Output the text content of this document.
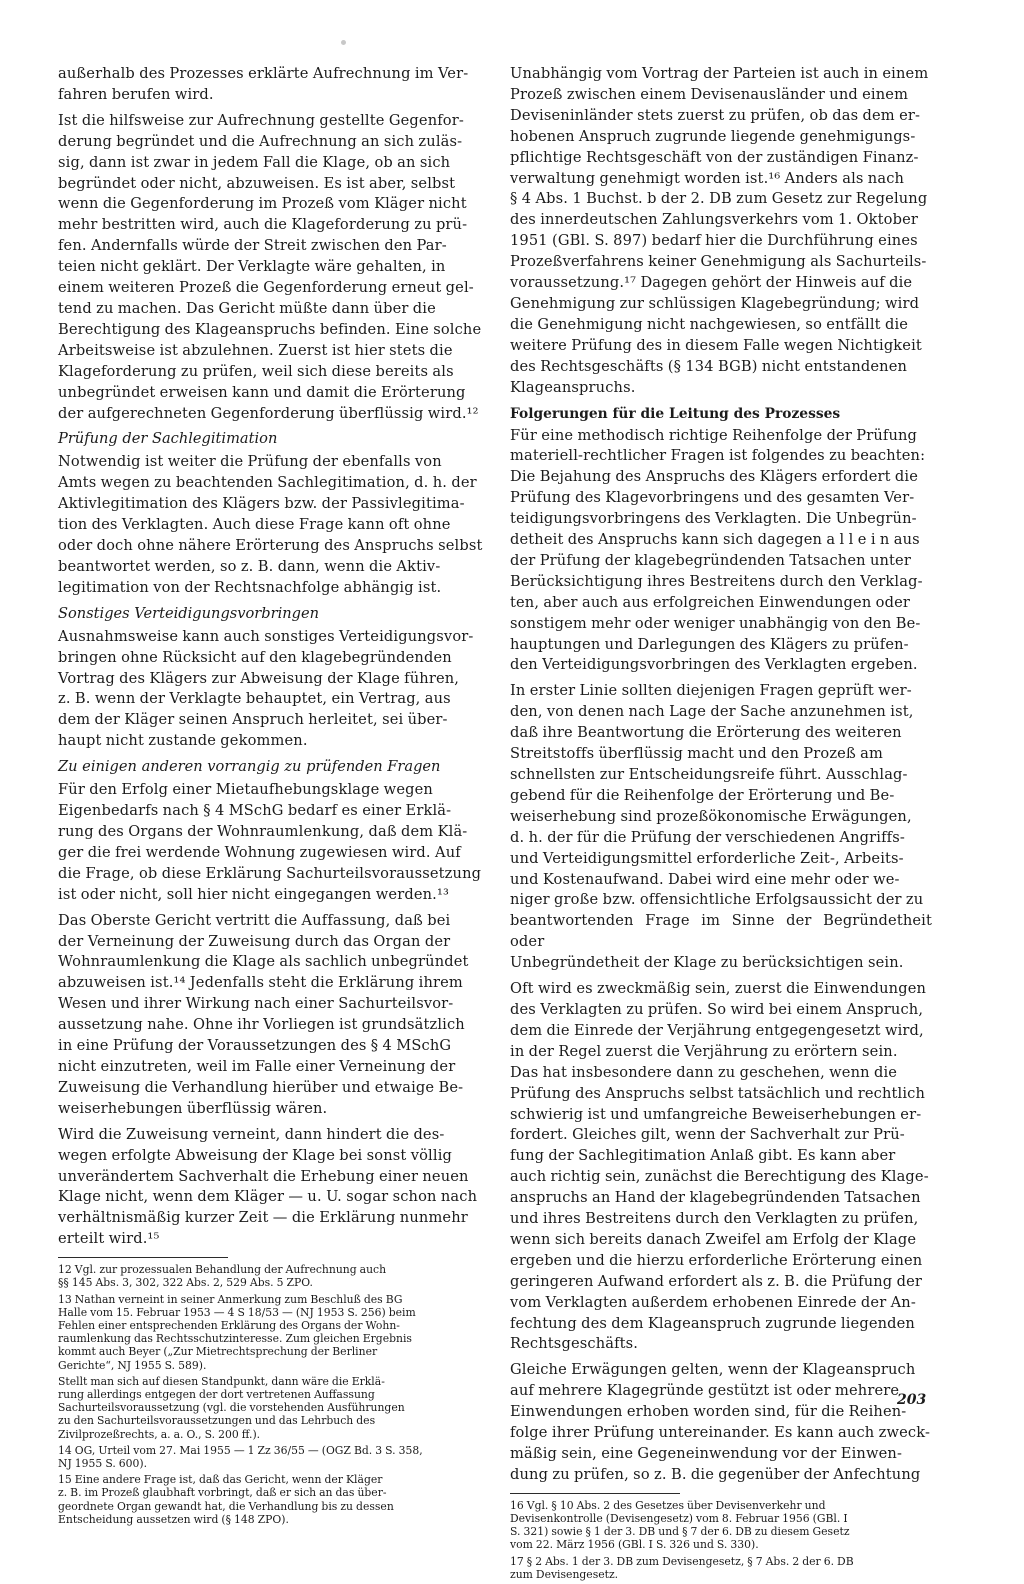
außerhalb des Prozesses erklärte Aufrechnung im Ver-
fahren berufen wird.

Ist die hilfsweise zur Aufrechnung gestellte Gegenfor-
derung begründet und die Aufrechnung an sich zuläs-
sig, dann ist zwar in jedem Fall die Klage, ob an sich
begründet oder nicht, abzuweisen. Es ist aber, selbst
wenn die Gegenforderung im Prozeß vom Kläger nicht
mehr bestritten wird, auch die Klageforderung zu prü-
fen. Andernfalls würde der Streit zwischen den Par-
teien nicht geklärt. Der Verklagte wäre gehalten, in
einem weiteren Prozeß die Gegenforderung erneut gel-
tend zu machen. Das Gericht müßte dann über die
Berechtigung des Klageanspruchs befinden. Eine solche
Arbeitsweise ist abzulehnen. Zuerst ist hier stets die
Klageforderung zu prüfen, weil sich diese bereits als
unbegründet erweisen kann und damit die Erörterung
der aufgerechneten Gegenforderung überflüssig wird.¹²

Prüfung der Sachlegitimation

Notwendig ist weiter die Prüfung der ebenfalls von
Amts wegen zu beachtenden Sachlegitimation, d. h. der
Aktivlegitimation des Klägers bzw. der Passivlegitima-
tion des Verklagten. Auch diese Frage kann oft ohne
oder doch ohne nähere Erörterung des Anspruchs selbst
beantwortet werden, so z. B. dann, wenn die Aktiv-
legitimation von der Rechtsnachfolge abhängig ist.

Sonstiges Verteidigungsvorbringen

Ausnahmsweise kann auch sonstiges Verteidigungsvor-
bringen ohne Rücksicht auf den klagebegründenden
Vortrag des Klägers zur Abweisung der Klage führen,
z. B. wenn der Verklagte behauptet, ein Vertrag, aus
dem der Kläger seinen Anspruch herleitet, sei über-
haupt nicht zustande gekommen.

Zu einigen anderen vorrangig zu prüfenden Fragen

Für den Erfolg einer Mietaufhebungsklage wegen
Eigenbedarfs nach § 4 MSchG bedarf es einer Erklä-
rung des Organs der Wohnraumlenkung, daß dem Klä-
ger die frei werdende Wohnung zugewiesen wird. Auf
die Frage, ob diese Erklärung Sachurteilsvoraussetzung
ist oder nicht, soll hier nicht eingegangen werden.¹³

Das Oberste Gericht vertritt die Auffassung, daß bei
der Verneinung der Zuweisung durch das Organ der
Wohnraumlenkung die Klage als sachlich unbegründet
abzuweisen ist.¹⁴ Jedenfalls steht die Erklärung ihrem
Wesen und ihrer Wirkung nach einer Sachurteilsvor-
aussetzung nahe. Ohne ihr Vorliegen ist grundsätzlich
in eine Prüfung der Voraussetzungen des § 4 MSchG
nicht einzutreten, weil im Falle einer Verneinung der
Zuweisung die Verhandlung hierüber und etwaige Be-
weiserhebungen überflüssig wären.

Wird die Zuweisung verneint, dann hindert die des-
wegen erfolgte Abweisung der Klage bei sonst völlig
unverändertem Sachverhalt die Erhebung einer neuen
Klage nicht, wenn dem Kläger — u. U. sogar schon nach
verhältnismäßig kurzer Zeit — die Erklärung nunmehr
erteilt wird.¹⁵

12 Vgl. zur prozessualen Behandlung der Aufrechnung auch
§§ 145 Abs. 3, 302, 322 Abs. 2, 529 Abs. 5 ZPO.

13 Nathan verneint in seiner Anmerkung zum Beschluß des BG
Halle vom 15. Februar 1953 — 4 S 18/53 — (NJ 1953 S. 256) beim
Fehlen einer entsprechenden Erklärung des Organs der Wohn-
raumlenkung das Rechtsschutzinteresse. Zum gleichen Ergebnis
kommt auch Beyer („Zur Mietrechtsprechung der Berliner
Gerichte“, NJ 1955 S. 589).

Stellt man sich auf diesen Standpunkt, dann wäre die Erklä-
rung allerdings entgegen der dort vertretenen Auffassung
Sachurteilsvoraussetzung (vgl. die vorstehenden Ausführungen
zu den Sachurteilsvoraussetzungen und das Lehrbuch des
Zivilprozeßrechts, a. a. O., S. 200 ff.).

14 OG, Urteil vom 27. Mai 1955 — 1 Zz 36/55 — (OGZ Bd. 3 S. 358,
NJ 1955 S. 600).

15 Eine andere Frage ist, daß das Gericht, wenn der Kläger
z. B. im Prozeß glaubhaft vorbringt, daß er sich an das über-
geordnete Organ gewandt hat, die Verhandlung bis zu dessen
Entscheidung aussetzen wird (§ 148 ZPO).

Unabhängig vom Vortrag der Parteien ist auch in einem
Prozeß zwischen einem Devisenausländer und einem
Deviseninländer stets zuerst zu prüfen, ob das dem er-
hobenen Anspruch zugrunde liegende genehmigungs-
pflichtige Rechtsgeschäft von der zuständigen Finanz-
verwaltung genehmigt worden ist.¹⁶ Anders als nach
§ 4 Abs. 1 Buchst. b der 2. DB zum Gesetz zur Regelung
des innerdeutschen Zahlungsverkehrs vom 1. Oktober
1951 (GBl. S. 897) bedarf hier die Durchführung eines
Prozeßverfahrens keiner Genehmigung als Sachurteils-
voraussetzung.¹⁷ Dagegen gehört der Hinweis auf die
Genehmigung zur schlüssigen Klagebegründung; wird
die Genehmigung nicht nachgewiesen, so entfällt die
weitere Prüfung des in diesem Falle wegen Nichtigkeit
des Rechtsgeschäfts (§ 134 BGB) nicht entstandenen
Klageanspruchs.

Folgerungen für die Leitung des Prozesses

Für eine methodisch richtige Reihenfolge der Prüfung
materiell-rechtlicher Fragen ist folgendes zu beachten:
Die Bejahung des Anspruchs des Klägers erfordert die
Prüfung des Klagevorbringens und des gesamten Ver-
teidigungsvorbringens des Verklagten. Die Unbegrün-
detheit des Anspruchs kann sich dagegen a l l e i n aus
der Prüfung der klagebegründenden Tatsachen unter
Berücksichtigung ihres Bestreitens durch den Verklag-
ten, aber auch aus erfolgreichen Einwendungen oder
sonstigem mehr oder weniger unabhängig von den Be-
hauptungen und Darlegungen des Klägers zu prüfen-
den Verteidigungsvorbringen des Verklagten ergeben.

In erster Linie sollten diejenigen Fragen geprüft wer-
den, von denen nach Lage der Sache anzunehmen ist,
daß ihre Beantwortung die Erörterung des weiteren
Streitstoffs überflüssig macht und den Prozeß am
schnellsten zur Entscheidungsreife führt. Ausschlag-
gebend für die Reihenfolge der Erörterung und Be-
weiserhebung sind prozeßökonomische Erwägungen,
d. h. der für die Prüfung der verschiedenen Angriffs-
und Verteidigungsmittel erforderliche Zeit-, Arbeits-
und Kostenaufwand. Dabei wird eine mehr oder we-
niger große bzw. offensichtliche Erfolgsaussicht der zu
beantwortenden Frage im Sinne der Begründetheit oder
Unbegründetheit der Klage zu berücksichtigen sein.

Oft wird es zweckmäßig sein, zuerst die Einwendungen
des Verklagten zu prüfen. So wird bei einem Anspruch,
dem die Einrede der Verjährung entgegengesetzt wird,
in der Regel zuerst die Verjährung zu erörtern sein.
Das hat insbesondere dann zu geschehen, wenn die
Prüfung des Anspruchs selbst tatsächlich und rechtlich
schwierig ist und umfangreiche Beweiserhebungen er-
fordert. Gleiches gilt, wenn der Sachverhalt zur Prü-
fung der Sachlegitimation Anlaß gibt. Es kann aber
auch richtig sein, zunächst die Berechtigung des Klage-
anspruchs an Hand der klagebegründenden Tatsachen
und ihres Bestreitens durch den Verklagten zu prüfen,
wenn sich bereits danach Zweifel am Erfolg der Klage
ergeben und die hierzu erforderliche Erörterung einen
geringeren Aufwand erfordert als z. B. die Prüfung der
vom Verklagten außerdem erhobenen Einrede der An-
fechtung des dem Klageanspruch zugrunde liegenden
Rechtsgeschäfts.

Gleiche Erwägungen gelten, wenn der Klageanspruch
auf mehrere Klagegründe gestützt ist oder mehrere
Einwendungen erhoben worden sind, für die Reihen-
folge ihrer Prüfung untereinander. Es kann auch zweck-
mäßig sein, eine Gegeneinwendung vor der Einwen-
dung zu prüfen, so z. B. die gegenüber der Anfechtung

16 Vgl. § 10 Abs. 2 des Gesetzes über Devisenverkehr und
Devisenkontrolle (Devisengesetz) vom 8. Februar 1956 (GBl. I
S. 321) sowie § 1 der 3. DB und § 7 der 6. DB zu diesem Gesetz
vom 22. März 1956 (GBl. I S. 326 und S. 330).

17 § 2 Abs. 1 der 3. DB zum Devisengesetz, § 7 Abs. 2 der 6. DB
zum Devisengesetz.

203
